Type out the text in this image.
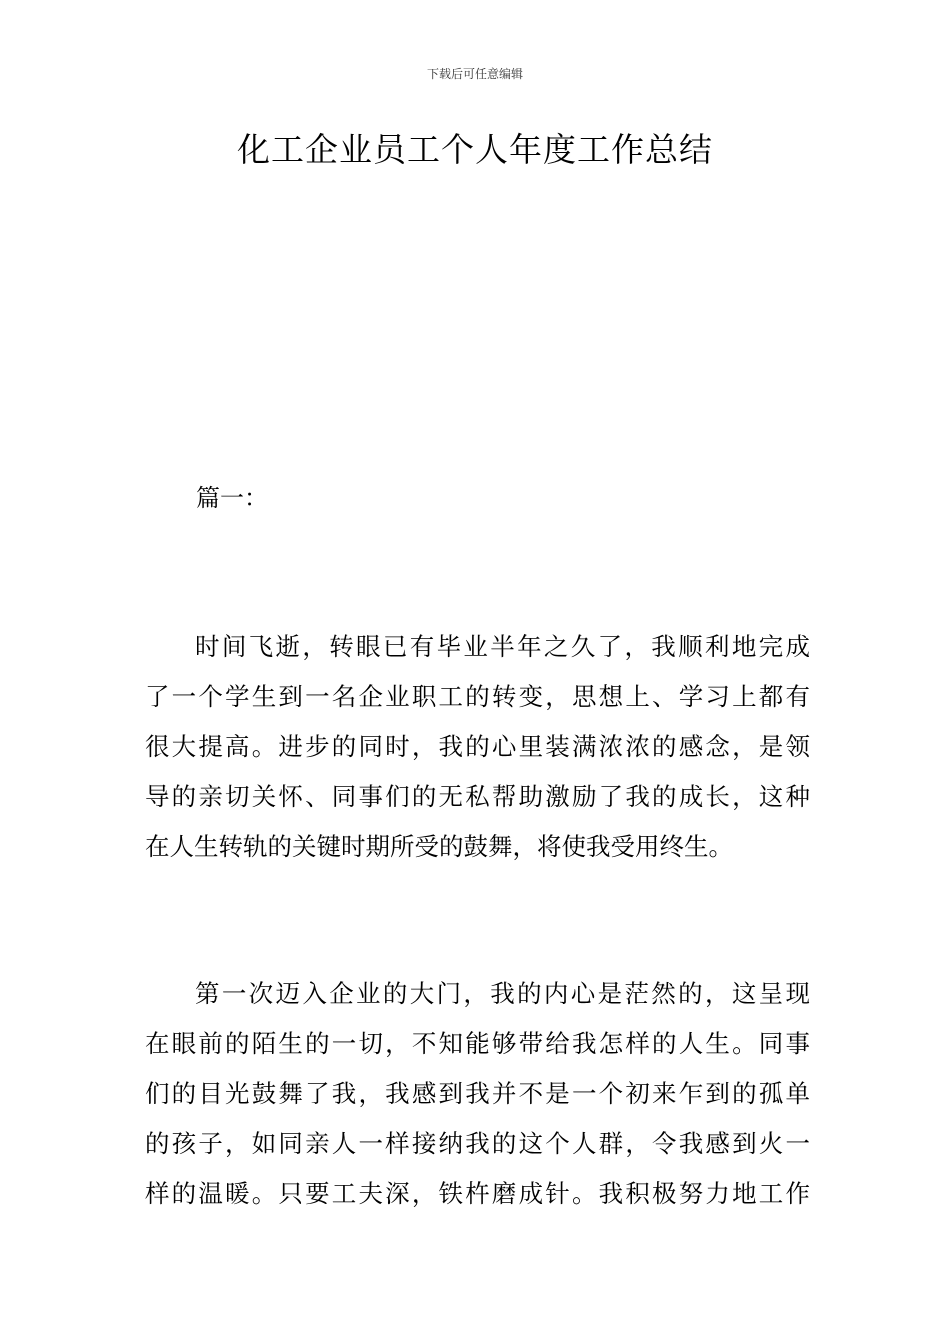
下载后可任意编辑
化工企业员工个人年度工作总结
篇一：
时间飞逝，转眼已有毕业半年之久了，我顺利地完成
了一个学生到一名企业职工的转变，思想上、学习上都有
很大提高。进步的同时，我的心里装满浓浓的感念，是领
导的亲切关怀、同事们的无私帮助激励了我的成长，这种
在人生转轨的关键时期所受的鼓舞，将使我受用终生。
第一次迈入企业的大门，我的内心是茫然的，这呈现
在眼前的陌生的一切，不知能够带给我怎样的人生。同事
们的目光鼓舞了我，我感到我并不是一个初来乍到的孤单
的孩子，如同亲人一样接纳我的这个人群，令我感到火一
样的温暖。只要工夫深，铁杵磨成针。我积极努力地工作
